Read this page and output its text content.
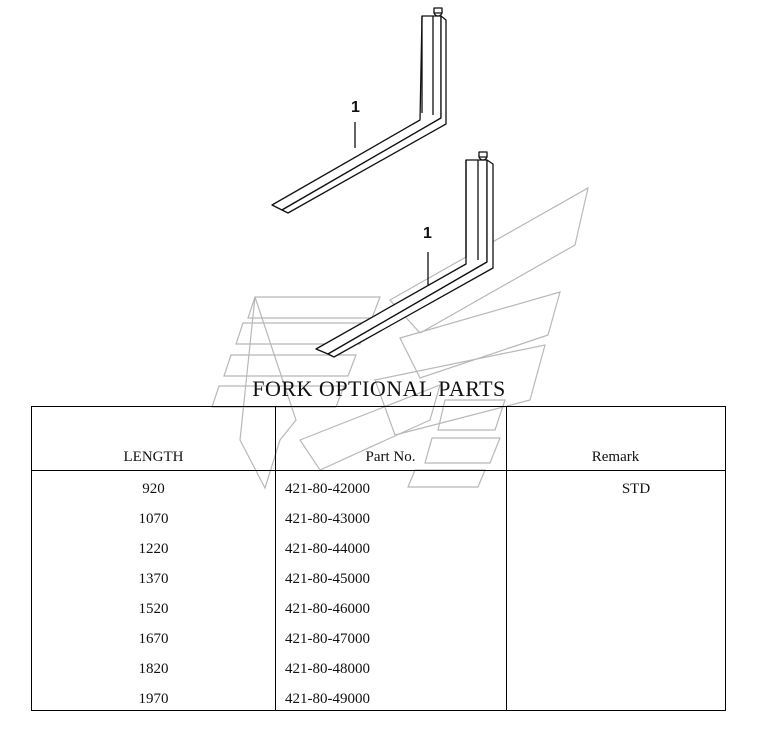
1
1
FORK OPTIONAL PARTS
LENGTH	Part No.	Remark
920	421-80-42000	STD
1070	421-80-43000
1220	421-80-44000
1370	421-80-45000
1520	421-80-46000
1670	421-80-47000
1820	421-80-48000
1970	421-80-49000
